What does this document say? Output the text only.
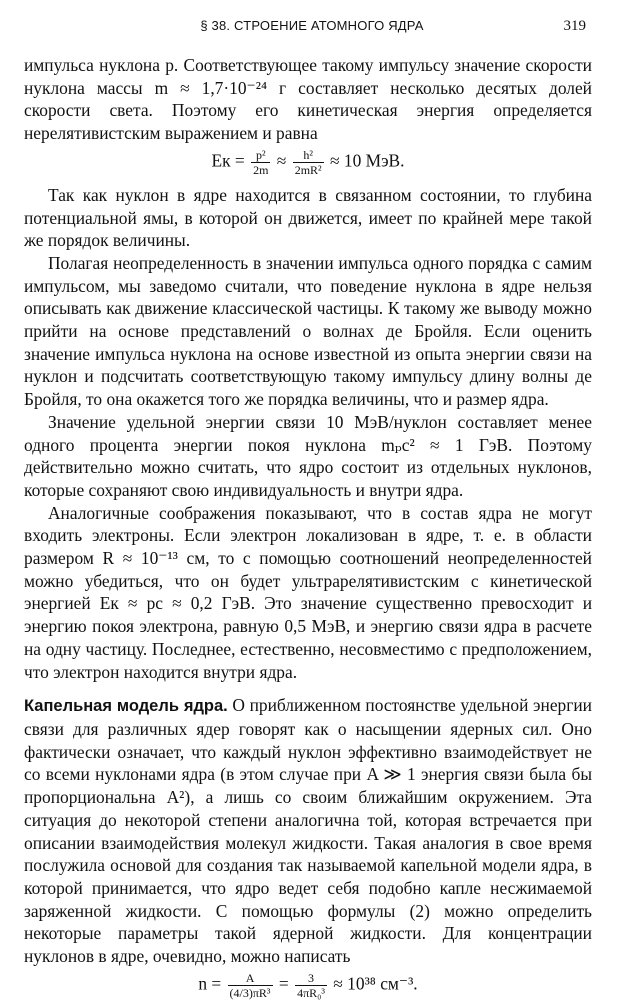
§ 38. СТРОЕНИЕ АТОМНОГО ЯДРА	319

импульса нуклона p. Соответствующее такому импульсу значение скорости нуклона массы m ≈ 1,7·10⁻²⁴ г составляет несколько десятых долей скорости света. Поэтому его кинетическая энергия определяется нерелятивистским выражением и равна

Eк = $\frac{\text{p²}}{2m} \approx \frac{\text{h²}}{\text{2mR²}} \approx 10$ МэВ.

Так как нуклон в ядре находится в связанном состоянии, то глубина потенциальной ямы, в которой он движется, имеет по крайней мере такой же порядок величины.

Полагая неопределенность в значении импульса одного порядка с самим импульсом, мы заведомо считали, что поведение нуклона в ядре нельзя описывать как движение классической частицы. К такому же выводу можно прийти на основе представлений о волнах де Бройля. Если оценить значение импульса нуклона на основе известной из опыта энергии связи на нуклон и подсчитать соответствующую такому импульсу длину волны де Бройля, то она окажется того же порядка величины, что и размер ядра.

Значение удельной энергии связи 10 МэВ/нуклон составляет менее одного процента энергии покоя нуклона mₚc² ≈ 1 ГэВ. Поэтому действительно можно считать, что ядро состоит из отдельных нуклонов, которые сохраняют свою индивидуальность и внутри ядра.

Аналогичные соображения показывают, что в состав ядра не могут входить электроны. Если электрон локализован в ядре, т. е. в области размером R ≈ 10⁻¹³ см, то с помощью соотношений неопределенностей можно убедиться, что он будет ультрарелятивистским с кинетической энергией Eк ≈ pc ≈ 0,2 ГэВ. Это значение существенно превосходит и энергию покоя электрона, равную 0,5 МэВ, и энергию связи ядра в расчете на одну частицу. Последнее, естественно, несовместимо с предположением, что электрон находится внутри ядра.

Капельная модель ядра. О приближенном постоянстве удельной энергии связи для различных ядер говорят как о насыщении ядерных сил. Оно фактически означает, что каждый нуклон эффективно взаимодействует не со всеми нуклонами ядра (в этом случае при A ≫ 1 энергия связи была бы пропорциональна A²), а лишь со своим ближайшим окружением. Эта ситуация до некоторой степени аналогична той, которая встречается при описании взаимодействия молекул жидкости. Такая аналогия в свое время послужила основой для создания так называемой капельной модели ядра, в которой принимается, что ядро ведет себя подобно капле несжимаемой заряженной жидкости. С помощью формулы (2) можно определить некоторые параметры такой ядерной жидкости. Для концентрации нуклонов в ядре, очевидно, можно написать

$n = \frac{A}{\text{(4/3)πR³}} = \frac{3}{\text{4πR₀³}} \approx 10^{38}$ см⁻³.
